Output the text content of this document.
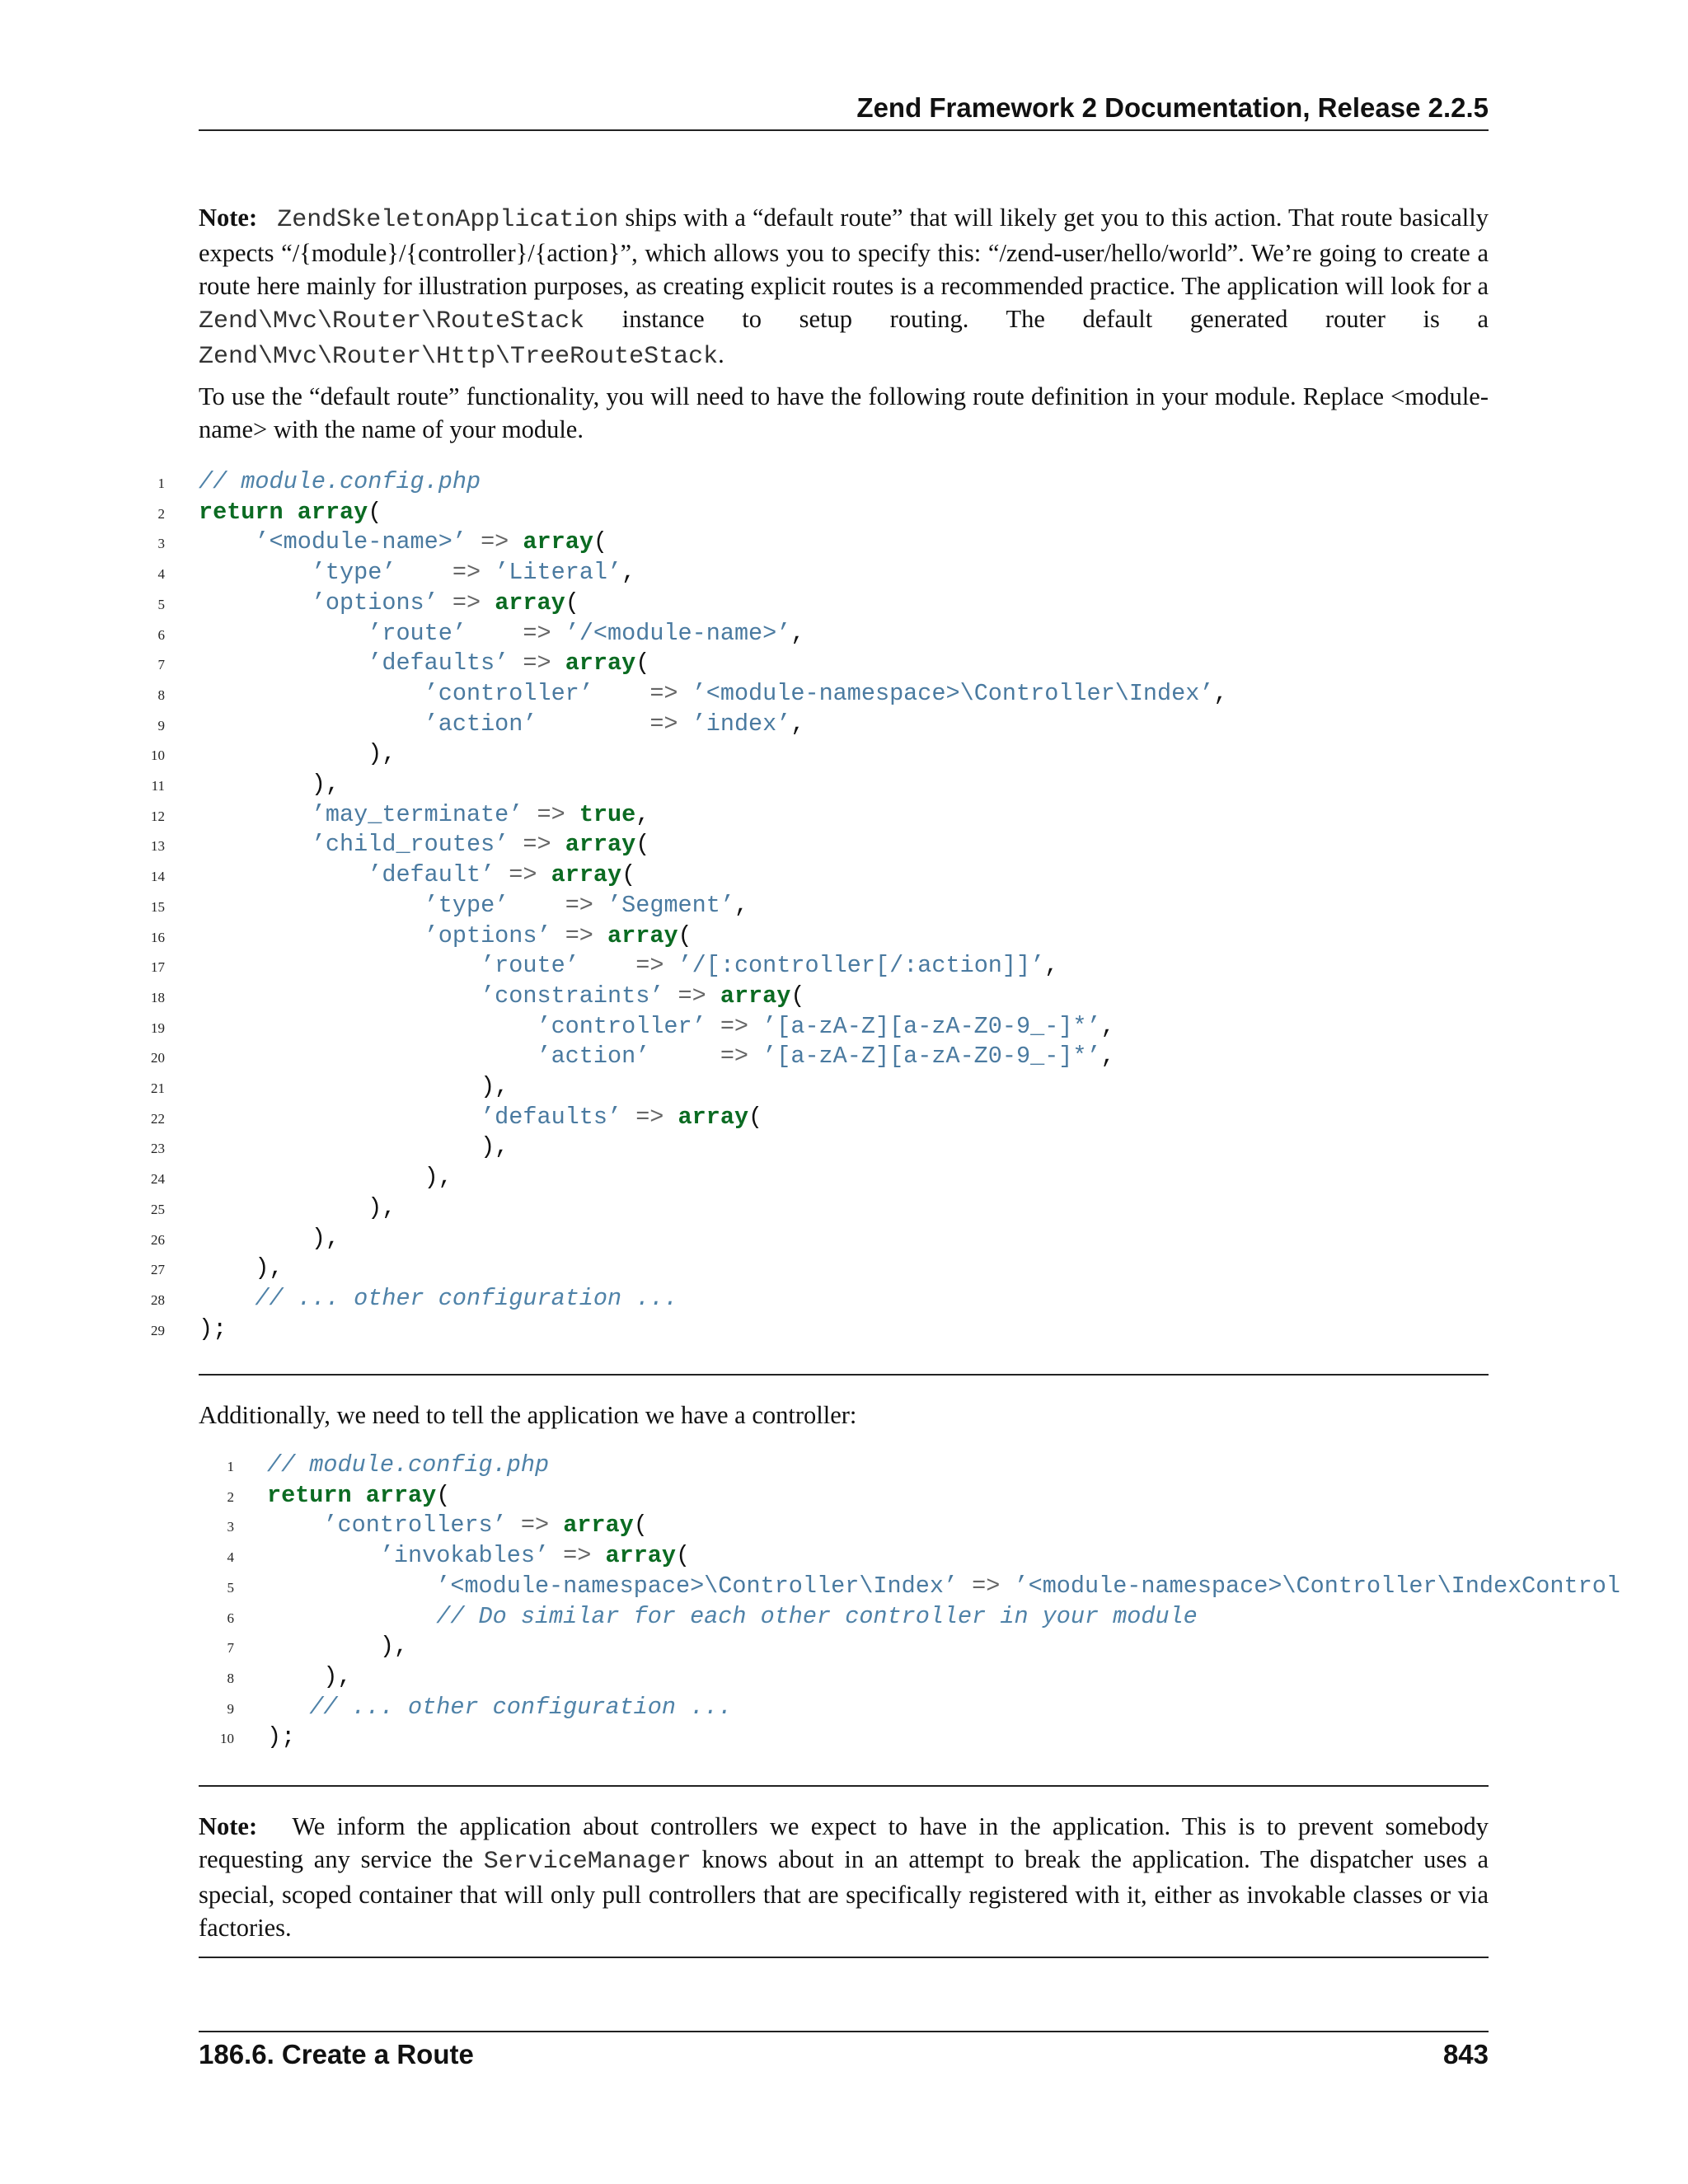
Zend Framework 2 Documentation, Release 2.2.5
Note: ZendSkeletonApplication ships with a “default route” that will likely get you to this action. That route basically expects “/{module}/{controller}/{action}”, which allows you to specify this: “/zend-user/hello/world”. We’re going to create a route here mainly for illustration purposes, as creating explicit routes is a recommended practice. The application will look for a Zend\Mvc\Router\RouteStack instance to setup routing. The default generated router is a Zend\Mvc\Router\Http\TreeRouteStack.
To use the “default route” functionality, you will need to have the following route definition in your module. Replace <module-name> with the name of your module.
1 // module.config.php
2 return array(
3	’<module-name>’ => array(
4	’type’ => ’Literal’,
5	’options’ => array(
6	’route’ => ’/<module-name>’,
7	’defaults’ => array(
8	’controller’ => ’<module-namespace>\Controller\Index’,
9	’action’	=> ’index’,
10	),
11	),
12	’may_terminate’ => true,
13	’child_routes’ => array(
14	’default’ => array(
15	’type’ => ’Segment’,
16	’options’ => array(
17	’route’ => ’/[:controller[/:action]]’,
18	’constraints’ => array(
19	’controller’ => ’[a-zA-Z][a-zA-Z0-9_-]*’,
20	’action’	=> ’[a-zA-Z][a-zA-Z0-9_-]*’,
21	),
22	’defaults’ => array(
23	),
24	),
25	),
26	),
27	),
28	// ... other configuration ...
29 );
Additionally, we need to tell the application we have a controller:
1 // module.config.php
2 return array(
3	’controllers’ => array(
4	’invokables’ => array(
5	’<module-namespace>\Controller\Index’ => ’<module-namespace>\Controller\IndexControl
6	// Do similar for each other controller in your module
7	),
8	),
9	// ... other configuration ...
10 );
Note: We inform the application about controllers we expect to have in the application. This is to prevent somebody requesting any service the ServiceManager knows about in an attempt to break the application. The dispatcher uses a special, scoped container that will only pull controllers that are specifically registered with it, either as invokable classes or via factories.
186.6. Create a Route	843
